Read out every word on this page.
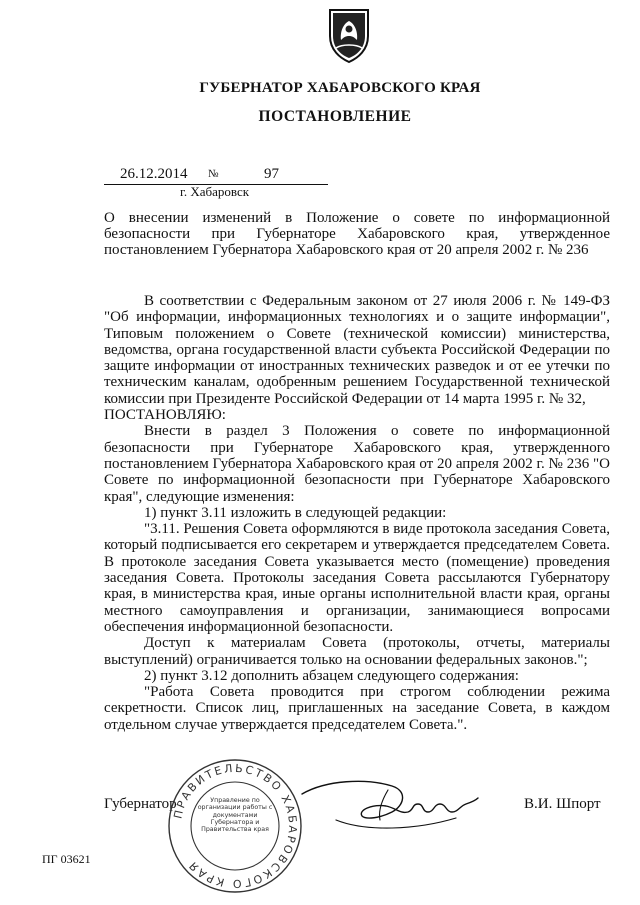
ГУБЕРНАТОР ХАБАРОВСКОГО КРАЯ
ПОСТАНОВЛЕНИЕ
26.12.2014 №	97
г. Хабаровск
О внесении изменений в Положение о совете по информационной безопасности при Губернаторе Хабаровского края, утвержденное постановлением Губернатора Хабаровского края от 20 апреля 2002 г. № 236

В соответствии с Федеральным законом от 27 июля 2006 г. № 149-ФЗ "Об информации, информационных технологиях и о защите информации", Типовым положением о Совете (технической комиссии) министерства, ведомства, органа государственной власти субъекта Российской Федерации по защите информации от иностранных технических разведок и от ее утечки по техническим каналам, одобренным решением Государственной технической комиссии при Президенте Российской Федерации от 14 марта 1995 г. № 32,

ПОСТАНОВЛЯЮ:

Внести в раздел 3 Положения о совете по информационной безопасности при Губернаторе Хабаровского края, утвержденного постановлением Губернатора Хабаровского края от 20 апреля 2002 г. № 236 "О Совете по информационной безопасности при Губернаторе Хабаровского края", следующие изменения:

1) пункт 3.11 изложить в следующей редакции:

"3.11. Решения Совета оформляются в виде протокола заседания Совета, который подписывается его секретарем и утверждается председателем Совета. В протоколе заседания Совета указывается место (помещение) проведения заседания Совета. Протоколы заседания Совета рассылаются Губернатору края, в министерства края, иные органы исполнительной власти края, органы местного самоуправления и организации, занимающиеся вопросами обеспечения информационной безопасности.

Доступ к материалам Совета (протоколы, отчеты, материалы выступлений) ограничивается только на основании федеральных законов.";

2) пункт 3.12 дополнить абзацем следующего содержания:

"Работа Совета проводится при строгом соблюдении режима секретности. Список лиц, приглашенных на заседание Совета, в каждом отдельном случае утверждается председателем Совета.".

Губернатор	В.И. Шпорт
ПРАВИТЕЛЬСТВО ХАБАРОВСКОГО КРАЯ
Управление по организации работы с документами Губернатора и Правительства края
ПГ 03621
